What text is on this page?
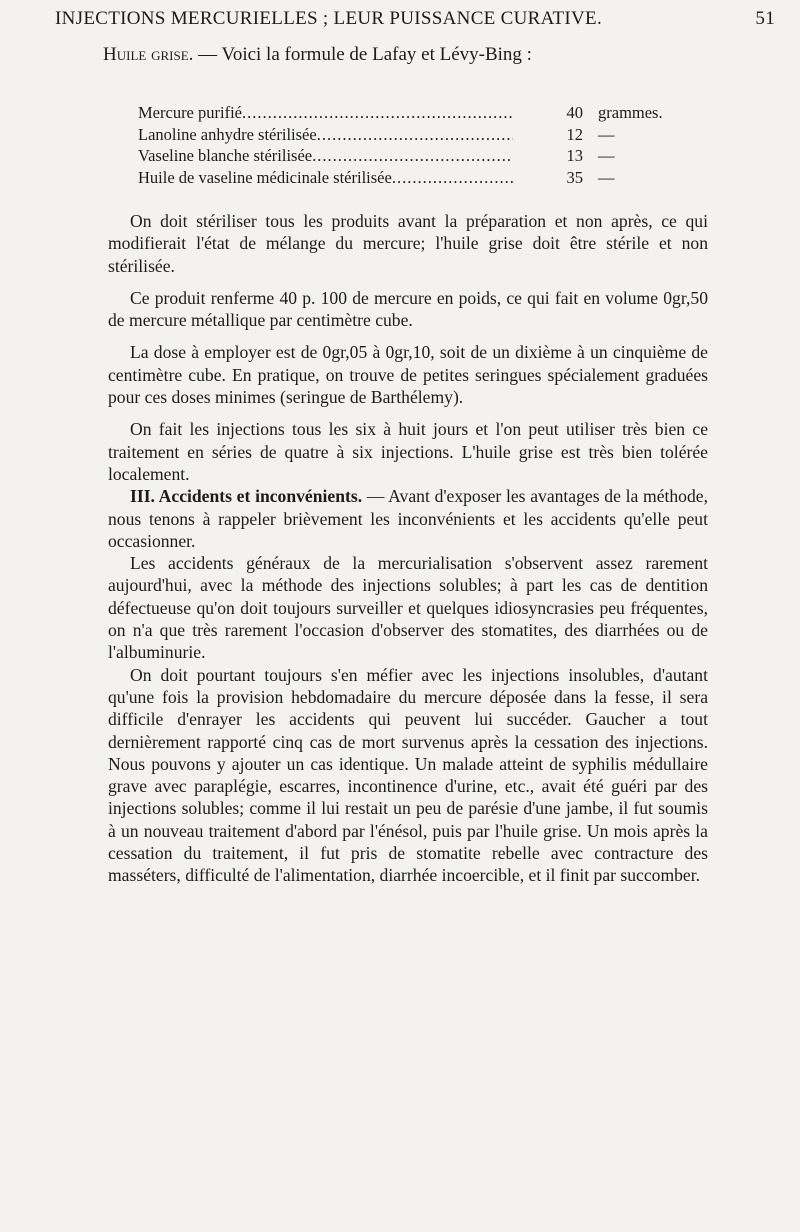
INJECTIONS MERCURIELLES ; LEUR PUISSANCE CURATIVE.	51
Huile grise. — Voici la formule de Lafay et Lévy-Bing :
Mercure purifié .....	40 grammes.
Lanoline anhydre stérilisée .....	12 —
Vaseline blanche stérilisée .....	13 —
Huile de vaseline médicinale stérilisée .....	35 —

On doit stériliser tous les produits avant la préparation et non après, ce qui modifierait l'état de mélange du mercure; l'huile grise doit être stérile et non stérilisée.

Ce produit renferme 40 p. 100 de mercure en poids, ce qui fait en volume 0gr,50 de mercure métallique par centimètre cube.

La dose à employer est de 0gr,05 à 0gr,10, soit de un dixième à un cinquième de centimètre cube. En pratique, on trouve de petites seringues spécialement graduées pour ces doses minimes (seringue de Barthélemy).

On fait les injections tous les six à huit jours et l'on peut utiliser très bien ce traitement en séries de quatre à six injections. L'huile grise est très bien tolérée localement.

III. Accidents et inconvénients. — Avant d'exposer les avantages de la méthode, nous tenons à rappeler brièvement les inconvénients et les accidents qu'elle peut occasionner.

Les accidents généraux de la mercurialisation s'observent assez rarement aujourd'hui, avec la méthode des injections solubles; à part les cas de dentition défectueuse qu'on doit toujours surveiller et quelques idiosyncrasies peu fréquentes, on n'a que très rarement l'occasion d'observer des stomatites, des diarrhées ou de l'albuminurie.

On doit pourtant toujours s'en méfier avec les injections insolubles, d'autant qu'une fois la provision hebdomadaire du mercure déposée dans la fesse, il sera difficile d'enrayer les accidents qui peuvent lui succéder. Gaucher a tout dernièrement rapporté cinq cas de mort survenus après la cessation des injections. Nous pouvons y ajouter un cas identique. Un malade atteint de syphilis médullaire grave avec paraplégie, escarres, incontinence d'urine, etc., avait été guéri par des injections solubles; comme il lui restait un peu de parésie d'une jambe, il fut soumis à un nouveau traitement d'abord par l'énésol, puis par l'huile grise. Un mois après la cessation du traitement, il fut pris de stomatite rebelle avec contracture des masséters, difficulté de l'alimentation, diarrhée incoercible, et il finit par succomber.
